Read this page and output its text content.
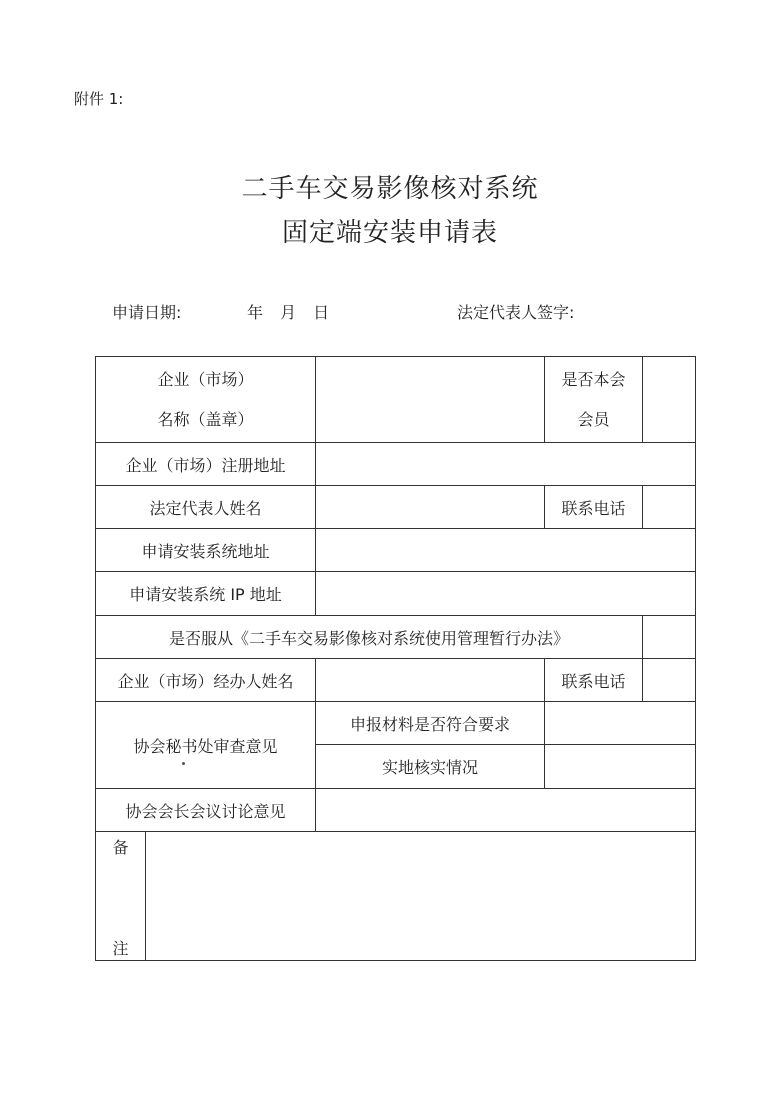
附件 1:
二手车交易影像核对系统
固定端安装申请表
申请日期:	年 月 日	法定代表人签字:
企业（市场）
名称（盖章）			是否本会
会员	

企业（市场）注册地址				
法定代表人姓名			联系电话	
申请安装系统地址				
申请安装系统 IP 地址				
是否服从《二手车交易影像核对系统使用管理暂行办法》				
企业（市场）经办人姓名			联系电话	
协会秘书处审查意见		申报材料是否符合要求		
		实地核实情况		
协会会长会议讨论意见				

备
注				
